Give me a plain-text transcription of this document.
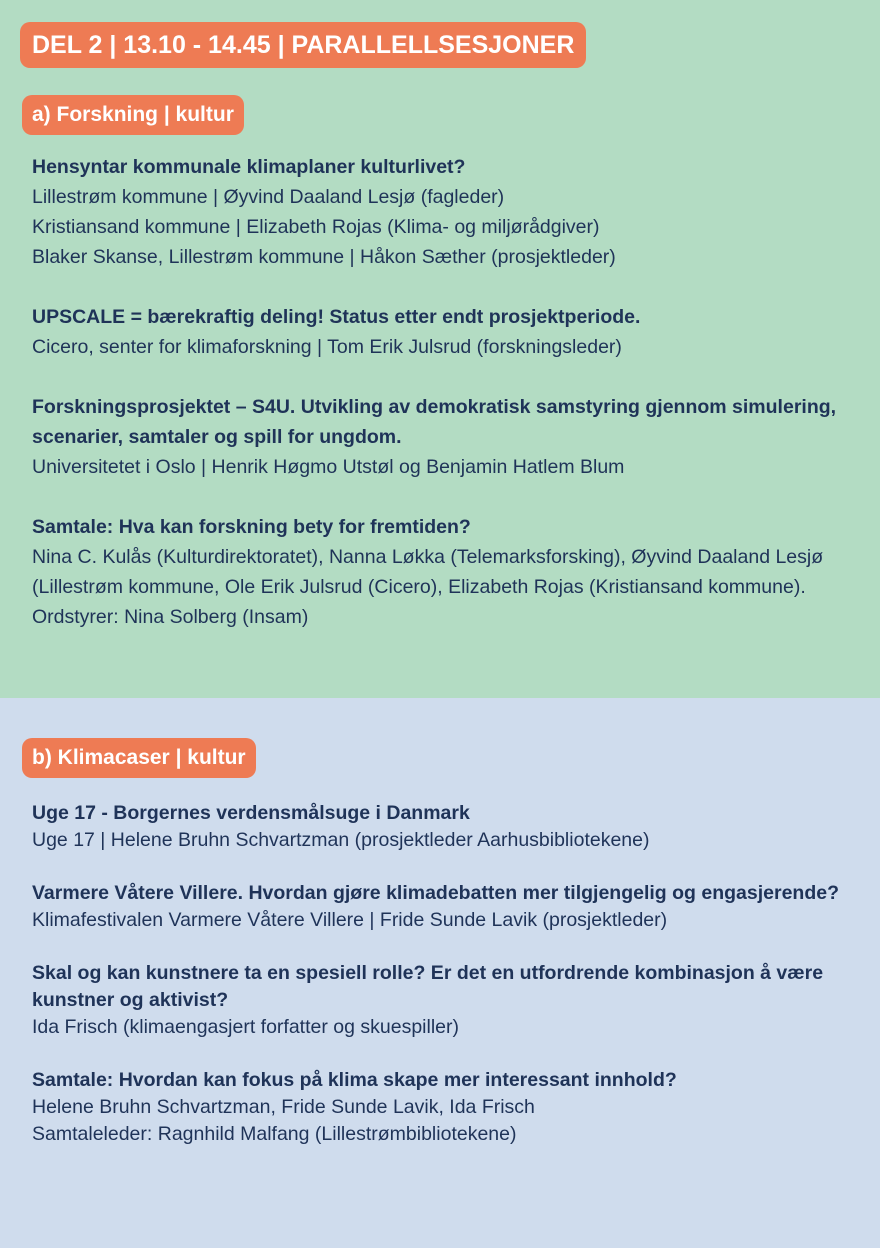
DEL 2 | 13.10 - 14.45 | PARALLELLSESJONER
a) Forskning | kultur
Hensyntar kommunale klimaplaner kulturlivet?
Lillestrøm kommune | Øyvind Daaland Lesjø (fagleder)
Kristiansand kommune | Elizabeth Rojas (Klima- og miljørådgiver)
Blaker Skanse, Lillestrøm kommune | Håkon Sæther (prosjektleder)
UPSCALE = bærekraftig deling! Status etter endt prosjektperiode.
Cicero, senter for klimaforskning | Tom Erik Julsrud (forskningsleder)
Forskningsprosjektet – S4U. Utvikling av demokratisk samstyring gjennom simulering, scenarier, samtaler og spill for ungdom.
Universitetet i Oslo | Henrik Høgmo Utstøl og Benjamin Hatlem Blum
Samtale: Hva kan forskning bety for fremtiden?
Nina C. Kulås (Kulturdirektoratet), Nanna Løkka (Telemarksforsking), Øyvind Daaland Lesjø (Lillestrøm kommune, Ole Erik Julsrud (Cicero), Elizabeth Rojas (Kristiansand kommune). Ordstyrer: Nina Solberg (Insam)
b) Klimacaser | kultur
Uge 17 - Borgernes verdensmålsuge i Danmark
Uge 17 | Helene Bruhn Schvartzman (prosjektleder Aarhusbibliotekene)
Varmere Våtere Villere. Hvordan gjøre klimadebatten mer tilgjengelig og engasjerende?
Klimafestivalen Varmere Våtere Villere | Fride Sunde Lavik (prosjektleder)
Skal og kan kunstnere ta en spesiell rolle? Er det en utfordrende kombinasjon å være kunstner og aktivist?
Ida Frisch (klimaengasjert forfatter og skuespiller)
Samtale: Hvordan kan fokus på klima skape mer interessant innhold?
Helene Bruhn Schvartzman, Fride Sunde Lavik, Ida Frisch
Samtaleleder: Ragnhild Malfang (Lillestrømbibliotekene)
